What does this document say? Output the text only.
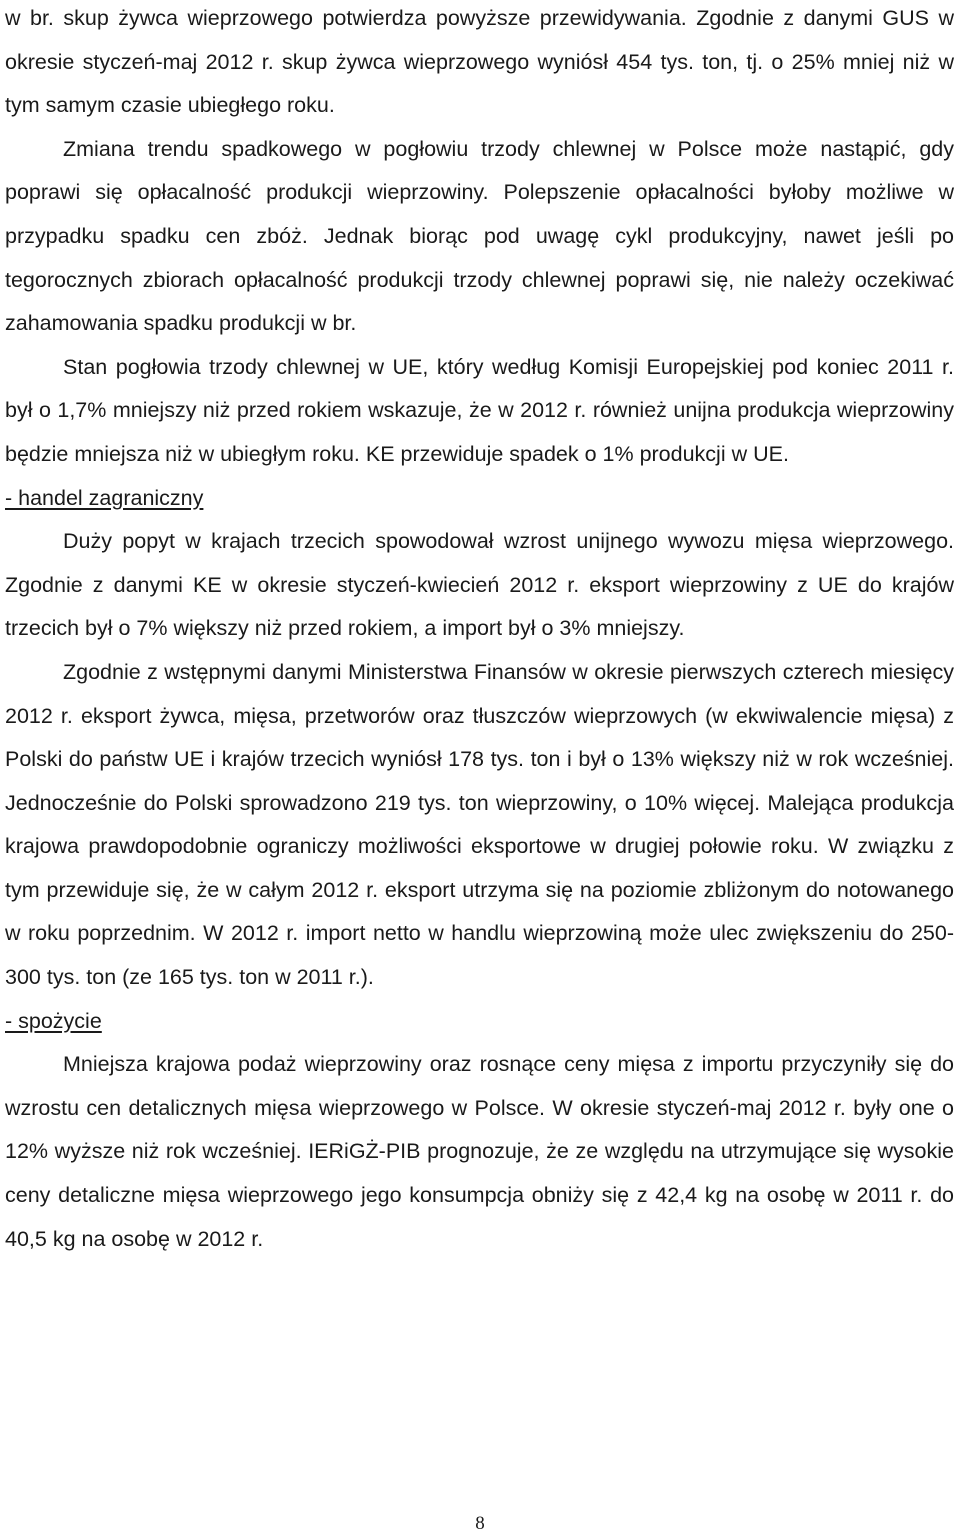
w br. skup żywca wieprzowego potwierdza powyższe przewidywania. Zgodnie z danymi GUS w okresie styczeń-maj 2012 r. skup żywca wieprzowego wyniósł 454 tys. ton, tj. o 25% mniej niż w tym samym czasie ubiegłego roku.

Zmiana trendu spadkowego w pogłowiu trzody chlewnej w Polsce może nastąpić, gdy poprawi się opłacalność produkcji wieprzowiny. Polepszenie opłacalności byłoby możliwe w przypadku spadku cen zbóż. Jednak biorąc pod uwagę cykl produkcyjny, nawet jeśli po tegorocznych zbiorach opłacalność produkcji trzody chlewnej poprawi się, nie należy oczekiwać zahamowania spadku produkcji w br.

Stan pogłowia trzody chlewnej w UE, który według Komisji Europejskiej pod koniec 2011 r. był o 1,7% mniejszy niż przed rokiem wskazuje, że w 2012 r. również unijna produkcja wieprzowiny będzie mniejsza niż w ubiegłym roku. KE przewiduje spadek o 1% produkcji w UE.

- handel zagraniczny

Duży popyt w krajach trzecich spowodował wzrost unijnego wywozu mięsa wieprzowego. Zgodnie z danymi KE w okresie styczeń-kwiecień 2012 r. eksport wieprzowiny z UE do krajów trzecich był o 7% większy niż przed rokiem, a import był o 3% mniejszy.

Zgodnie z wstępnymi danymi Ministerstwa Finansów w okresie pierwszych czterech miesięcy 2012 r. eksport żywca, mięsa, przetworów oraz tłuszczów wieprzowych (w ekwiwalencie mięsa) z Polski do państw UE i krajów trzecich wyniósł 178 tys. ton i był o 13% większy niż w rok wcześniej. Jednocześnie do Polski sprowadzono 219 tys. ton wieprzowiny, o 10% więcej. Malejąca produkcja krajowa prawdopodobnie ograniczy możliwości eksportowe w drugiej połowie roku. W związku z tym przewiduje się, że w całym 2012 r. eksport utrzyma się na poziomie zbliżonym do notowanego w roku poprzednim. W 2012 r. import netto w handlu wieprzowiną może ulec zwiększeniu do 250-300 tys. ton (ze 165 tys. ton w 2011 r.).

- spożycie

Mniejsza krajowa podaż wieprzowiny oraz rosnące ceny mięsa z importu przyczyniły się do wzrostu cen detalicznych mięsa wieprzowego w Polsce. W okresie styczeń-maj 2012 r. były one o 12% wyższe niż rok wcześniej. IERiGŻ-PIB prognozuje, że ze względu na utrzymujące się wysokie ceny detaliczne mięsa wieprzowego jego konsumpcja obniży się z 42,4 kg na osobę w 2011 r. do 40,5 kg na osobę w 2012 r.

8
